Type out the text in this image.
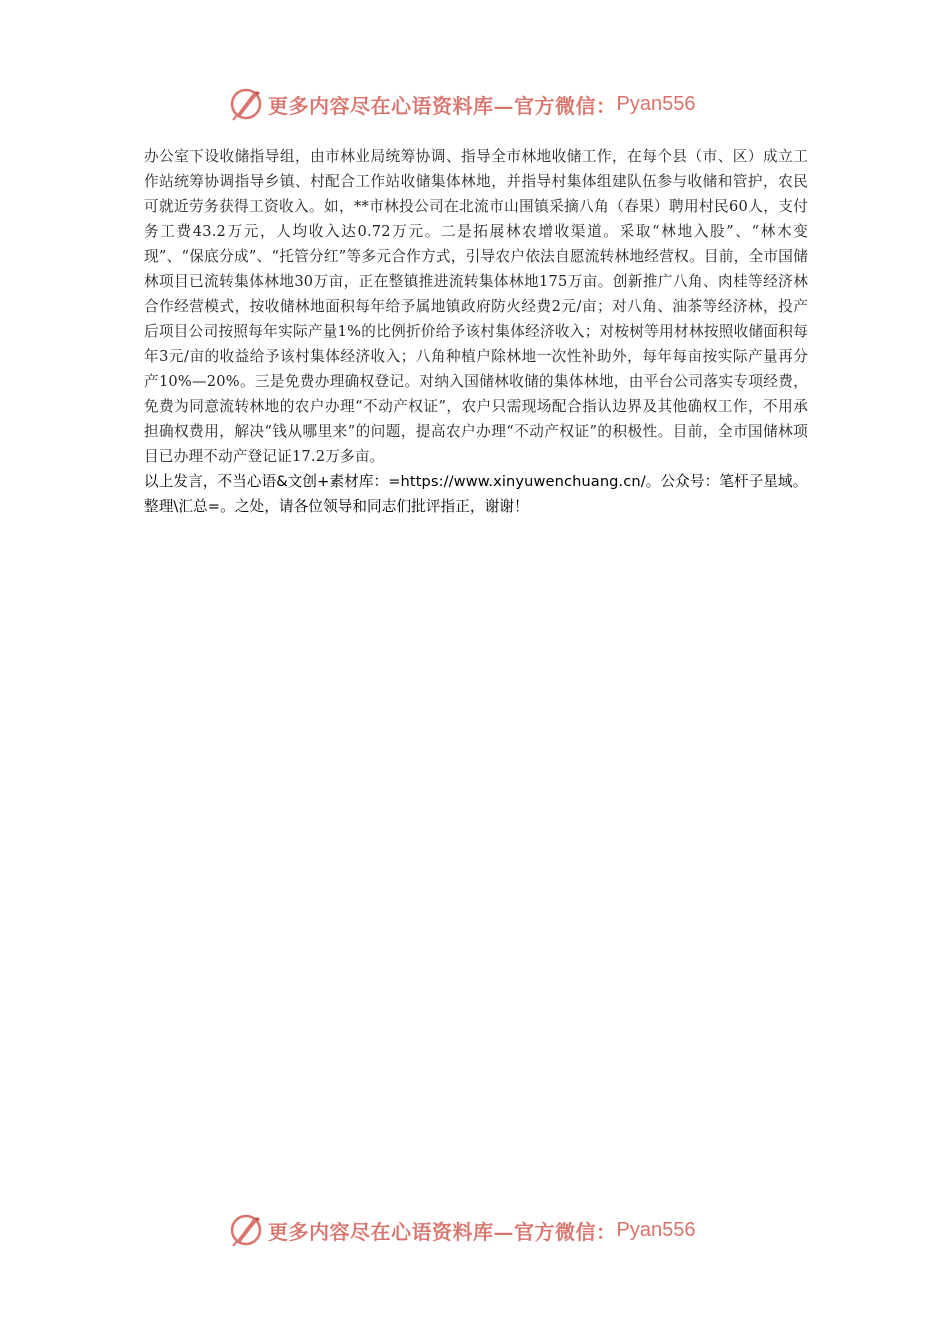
更多内容尽在心语资料库—官方微信： Pyan556

办公室下设收储指导组，由市林业局统筹协调、指导全市林地收储工作，在每个县（市、区）成立工作站统筹协调指导乡镇、村配合工作站收储集体林地，并指导村集体组建队伍参与收储和管护，农民可就近劳务获得工资收入。如，**市林投公司在北流市山围镇采摘八角（春果）聘用村民60人，支付务工费43.2万元，人均收入达0.72万元。二是拓展林农增收渠道。采取“林地入股”、“林木变现”、“保底分成”、“托管分红”等多元合作方式，引导农户依法自愿流转林地经营权。目前，全市国储林项目已流转集体林地30万亩，正在整镇推进流转集体林地175万亩。创新推广八角、肉桂等经济林合作经营模式，按收储林地面积每年给予属地镇政府防火经费2元/亩；对八角、油茶等经济林，投产后项目公司按照每年实际产量1%的比例折价给予该村集体经济收入；对桉树等用材林按照收储面积每年3元/亩的收益给予该村集体经济收入；八角种植户除林地一次性补助外，每年每亩按实际产量再分产10%—20%。三是免费办理确权登记。对纳入国储林收储的集体林地，由平台公司落实专项经费，免费为同意流转林地的农户办理“不动产权证”，农户只需现场配合指认边界及其他确权工作，不用承担确权费用，解决“钱从哪里来”的问题，提高农户办理“不动产权证”的积极性。目前，全市国储林项目已办理不动产登记证17.2万多亩。

以上发言，不当心语&文创+素材库：=https://www.xinyuwenchuang.cn/。公众号：笔杆子星域。整理\汇总=。之处，请各位领导和同志们批评指正，谢谢！

更多内容尽在心语资料库—官方微信： Pyan556
